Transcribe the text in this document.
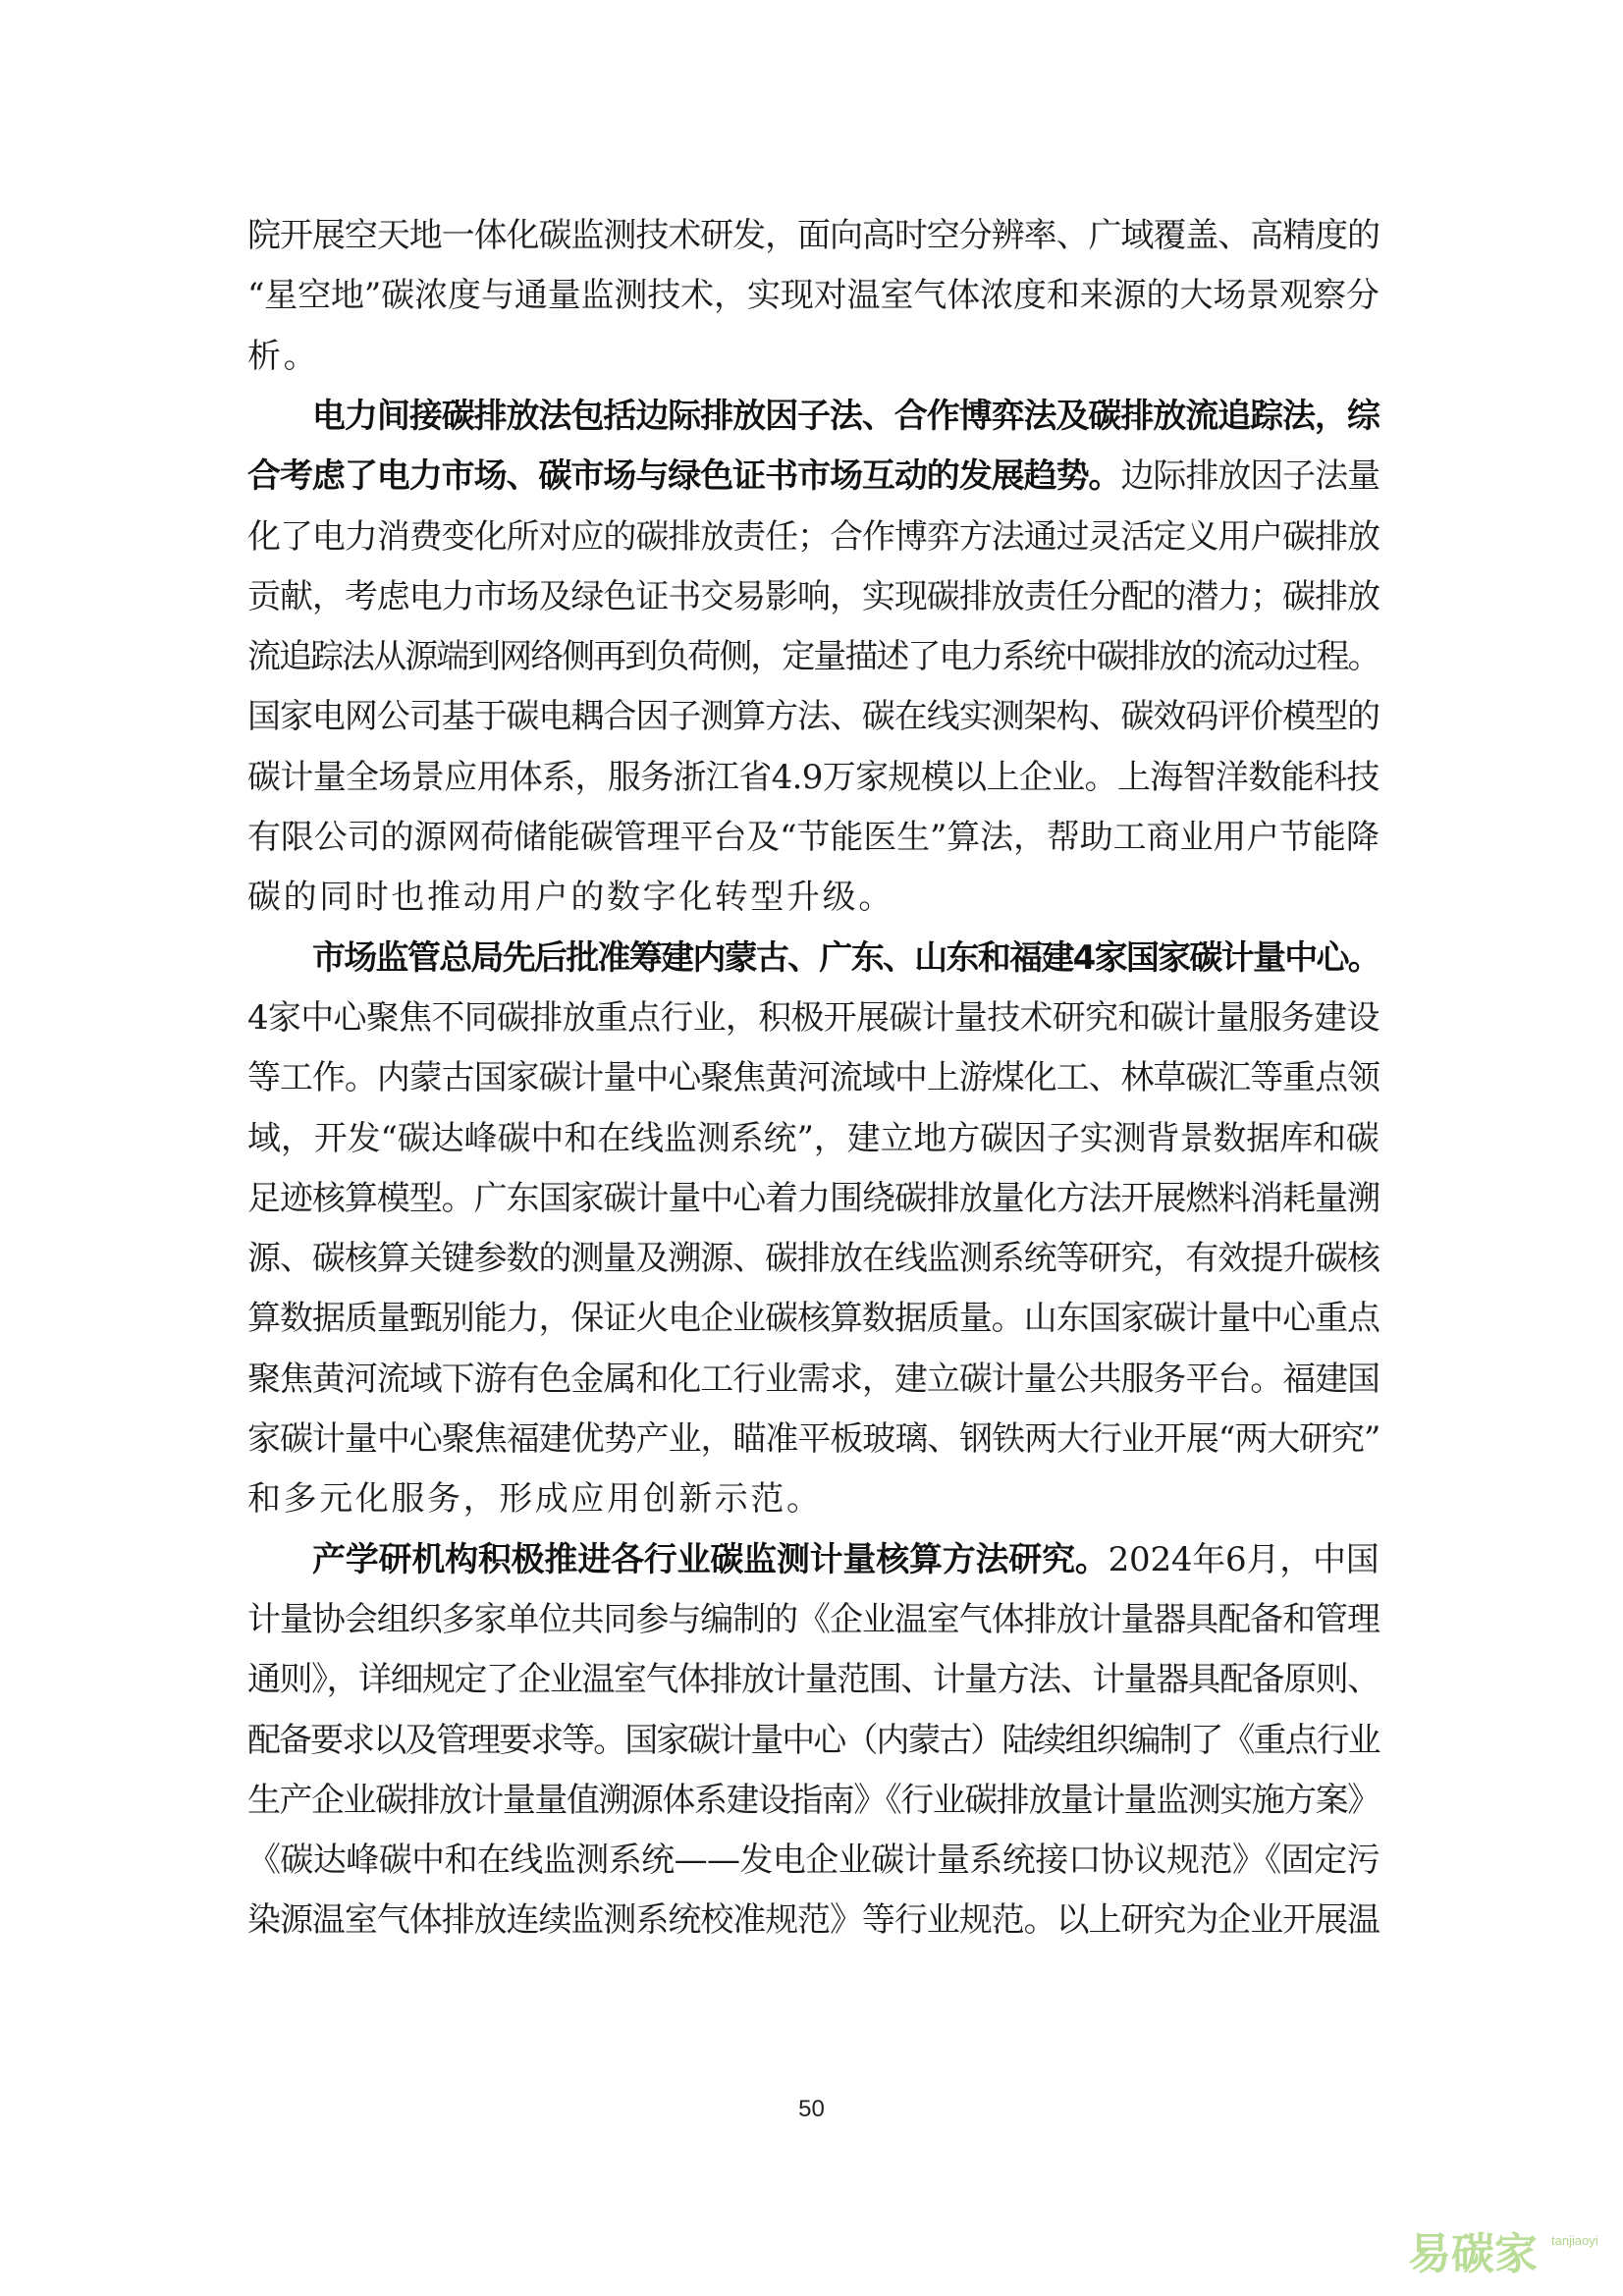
院开展空天地一体化碳监测技术研发，面向高时空分辨率、广域覆盖、高精度的
“星空地”碳浓度与通量监测技术，实现对温室气体浓度和来源的大场景观察分
析。
电力间接碳排放法包括边际排放因子法、合作博弈法及碳排放流追踪法，综
合考虑了电力市场、碳市场与绿色证书市场互动的发展趋势。边际排放因子法量
化了电力消费变化所对应的碳排放责任；合作博弈方法通过灵活定义用户碳排放
贡献，考虑电力市场及绿色证书交易影响，实现碳排放责任分配的潜力；碳排放
流追踪法从源端到网络侧再到负荷侧，定量描述了电力系统中碳排放的流动过程。
国家电网公司基于碳电耦合因子测算方法、碳在线实测架构、碳效码评价模型的
碳计量全场景应用体系，服务浙江省4.9万家规模以上企业。上海智洋数能科技
有限公司的源网荷储能碳管理平台及“节能医生”算法，帮助工商业用户节能降
碳的同时也推动用户的数字化转型升级。
市场监管总局先后批准筹建内蒙古、广东、山东和福建4家国家碳计量中心。
4家中心聚焦不同碳排放重点行业，积极开展碳计量技术研究和碳计量服务建设
等工作。内蒙古国家碳计量中心聚焦黄河流域中上游煤化工、林草碳汇等重点领
域，开发“碳达峰碳中和在线监测系统”，建立地方碳因子实测背景数据库和碳
足迹核算模型。广东国家碳计量中心着力围绕碳排放量化方法开展燃料消耗量溯
源、碳核算关键参数的测量及溯源、碳排放在线监测系统等研究，有效提升碳核
算数据质量甄别能力，保证火电企业碳核算数据质量。山东国家碳计量中心重点
聚焦黄河流域下游有色金属和化工行业需求，建立碳计量公共服务平台。福建国
家碳计量中心聚焦福建优势产业，瞄准平板玻璃、钢铁两大行业开展“两大研究”
和多元化服务，形成应用创新示范。
产学研机构积极推进各行业碳监测计量核算方法研究。2024年6月，中国
计量协会组织多家单位共同参与编制的《企业温室气体排放计量器具配备和管理
通则》，详细规定了企业温室气体排放计量范围、计量方法、计量器具配备原则、
配备要求以及管理要求等。国家碳计量中心（内蒙古）陆续组织编制了《重点行业
生产企业碳排放计量量值溯源体系建设指南》《行业碳排放量计量监测实施方案》
《碳达峰碳中和在线监测系统——发电企业碳计量系统接口协议规范》《固定污
染源温室气体排放连续监测系统校准规范》等行业规范。以上研究为企业开展温
50
易碳家 tanjiaoyi
